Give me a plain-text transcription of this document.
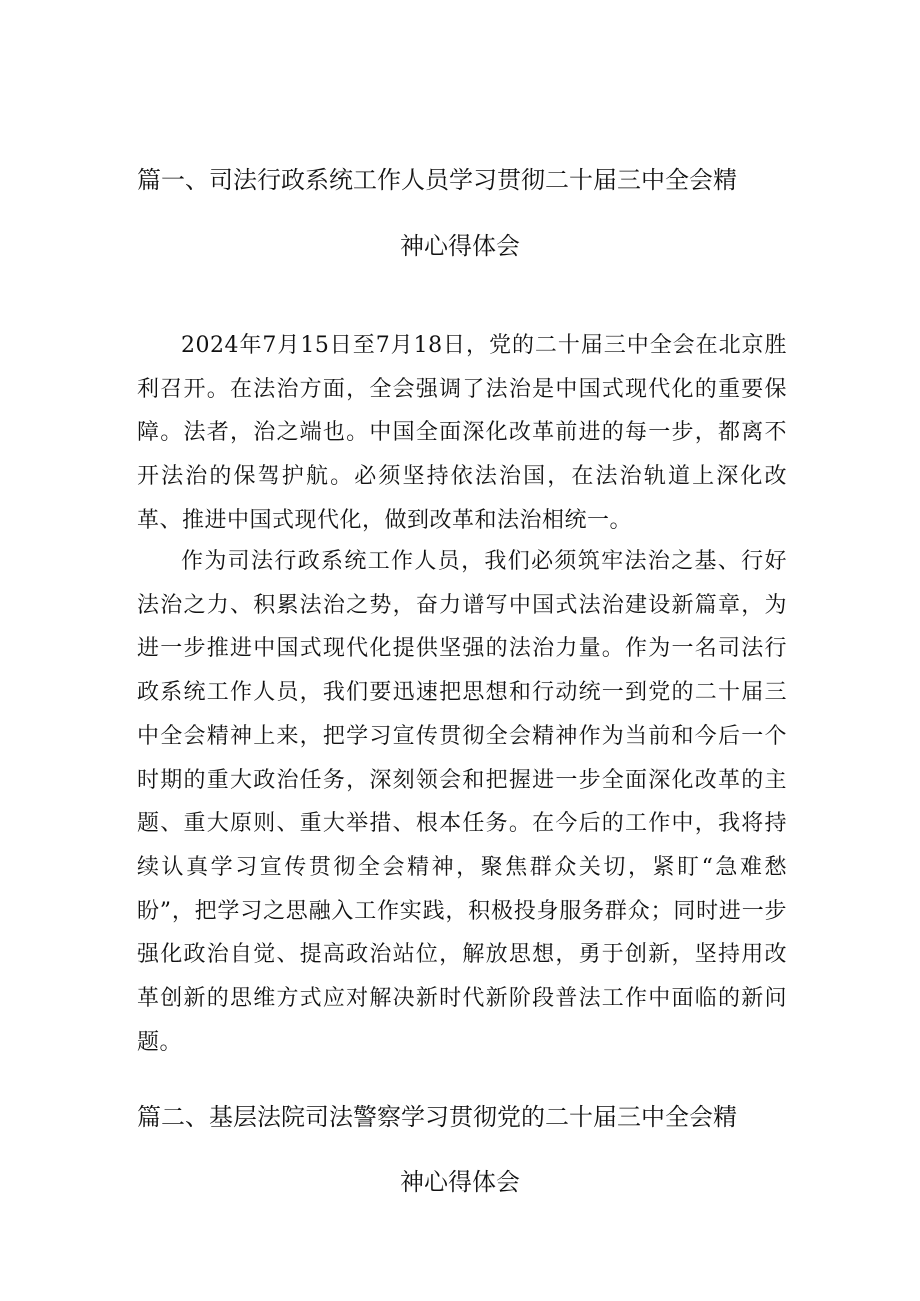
篇一、司法行政系统工作人员学习贯彻二十届三中全会精
神心得体会

2024年7月15日至7月18日，党的二十届三中全会在北京胜利召开。在法治方面，全会强调了法治是中国式现代化的重要保障。法者，治之端也。中国全面深化改革前进的每一步，都离不开法治的保驾护航。必须坚持依法治国，在法治轨道上深化改革、推进中国式现代化，做到改革和法治相统一。

作为司法行政系统工作人员，我们必须筑牢法治之基、行好法治之力、积累法治之势，奋力谱写中国式法治建设新篇章，为进一步推进中国式现代化提供坚强的法治力量。作为一名司法行政系统工作人员，我们要迅速把思想和行动统一到党的二十届三中全会精神上来，把学习宣传贯彻全会精神作为当前和今后一个时期的重大政治任务，深刻领会和把握进一步全面深化改革的主题、重大原则、重大举措、根本任务。在今后的工作中，我将持续认真学习宣传贯彻全会精神，聚焦群众关切，紧盯“急难愁盼”，把学习之思融入工作实践，积极投身服务群众；同时进一步强化政治自觉、提高政治站位，解放思想，勇于创新，坚持用改革创新的思维方式应对解决新时代新阶段普法工作中面临的新问题。

篇二、基层法院司法警察学习贯彻党的二十届三中全会精
神心得体会
